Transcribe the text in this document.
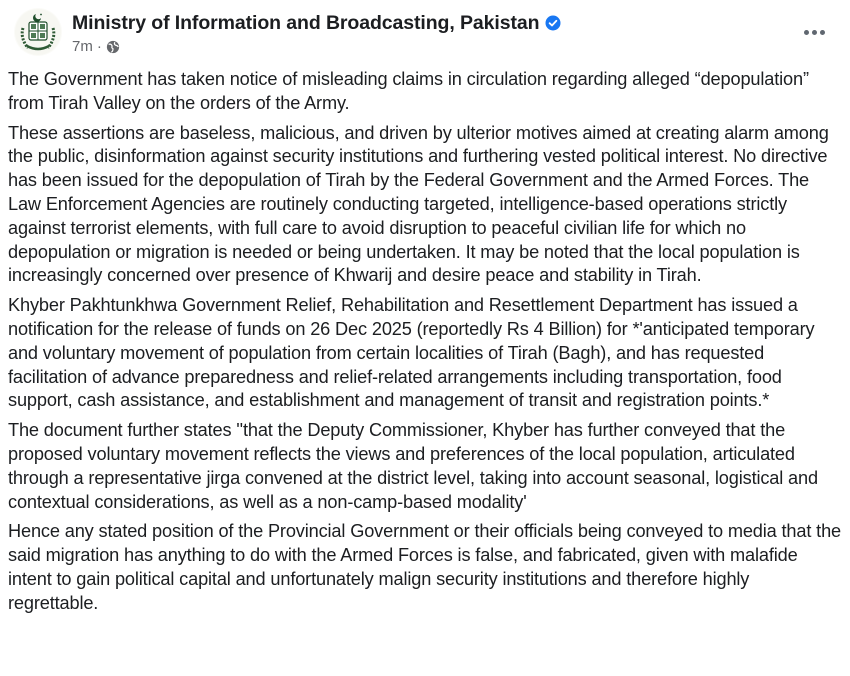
Ministry of Information and Broadcasting, Pakistan
7m ·

The Government has taken notice of misleading claims in circulation regarding alleged “depopulation” from Tirah Valley on the orders of the Army.

These assertions are baseless, malicious, and driven by ulterior motives aimed at creating alarm among the public, disinformation against security institutions and furthering vested political interest. No directive has been issued for the depopulation of Tirah by the Federal Government and the Armed Forces. The Law Enforcement Agencies are routinely conducting targeted, intelligence-based operations strictly against terrorist elements, with full care to avoid disruption to peaceful civilian life for which no depopulation or migration is needed or being undertaken. It may be noted that the local population is increasingly concerned over presence of Khwarij and desire peace and stability in Tirah.

Khyber Pakhtunkhwa Government Relief, Rehabilitation and Resettlement Department has issued a notification for the release of funds on 26 Dec 2025 (reportedly Rs 4 Billion) for *'anticipated temporary and voluntary movement of population from certain localities of Tirah (Bagh), and has requested facilitation of advance preparedness and relief-related arrangements including transportation, food support, cash assistance, and establishment and management of transit and registration points.*

The document further states ''that the Deputy Commissioner, Khyber has further conveyed that the proposed voluntary movement reflects the views and preferences of the local population, articulated through a representative jirga convened at the district level, taking into account seasonal, logistical and contextual considerations, as well as a non-camp-based modality'

Hence any stated position of the Provincial Government or their officials being conveyed to media that the said migration has anything to do with the Armed Forces is false, and fabricated, given with malafide intent to gain political capital and unfortunately malign security institutions and therefore highly regrettable.
